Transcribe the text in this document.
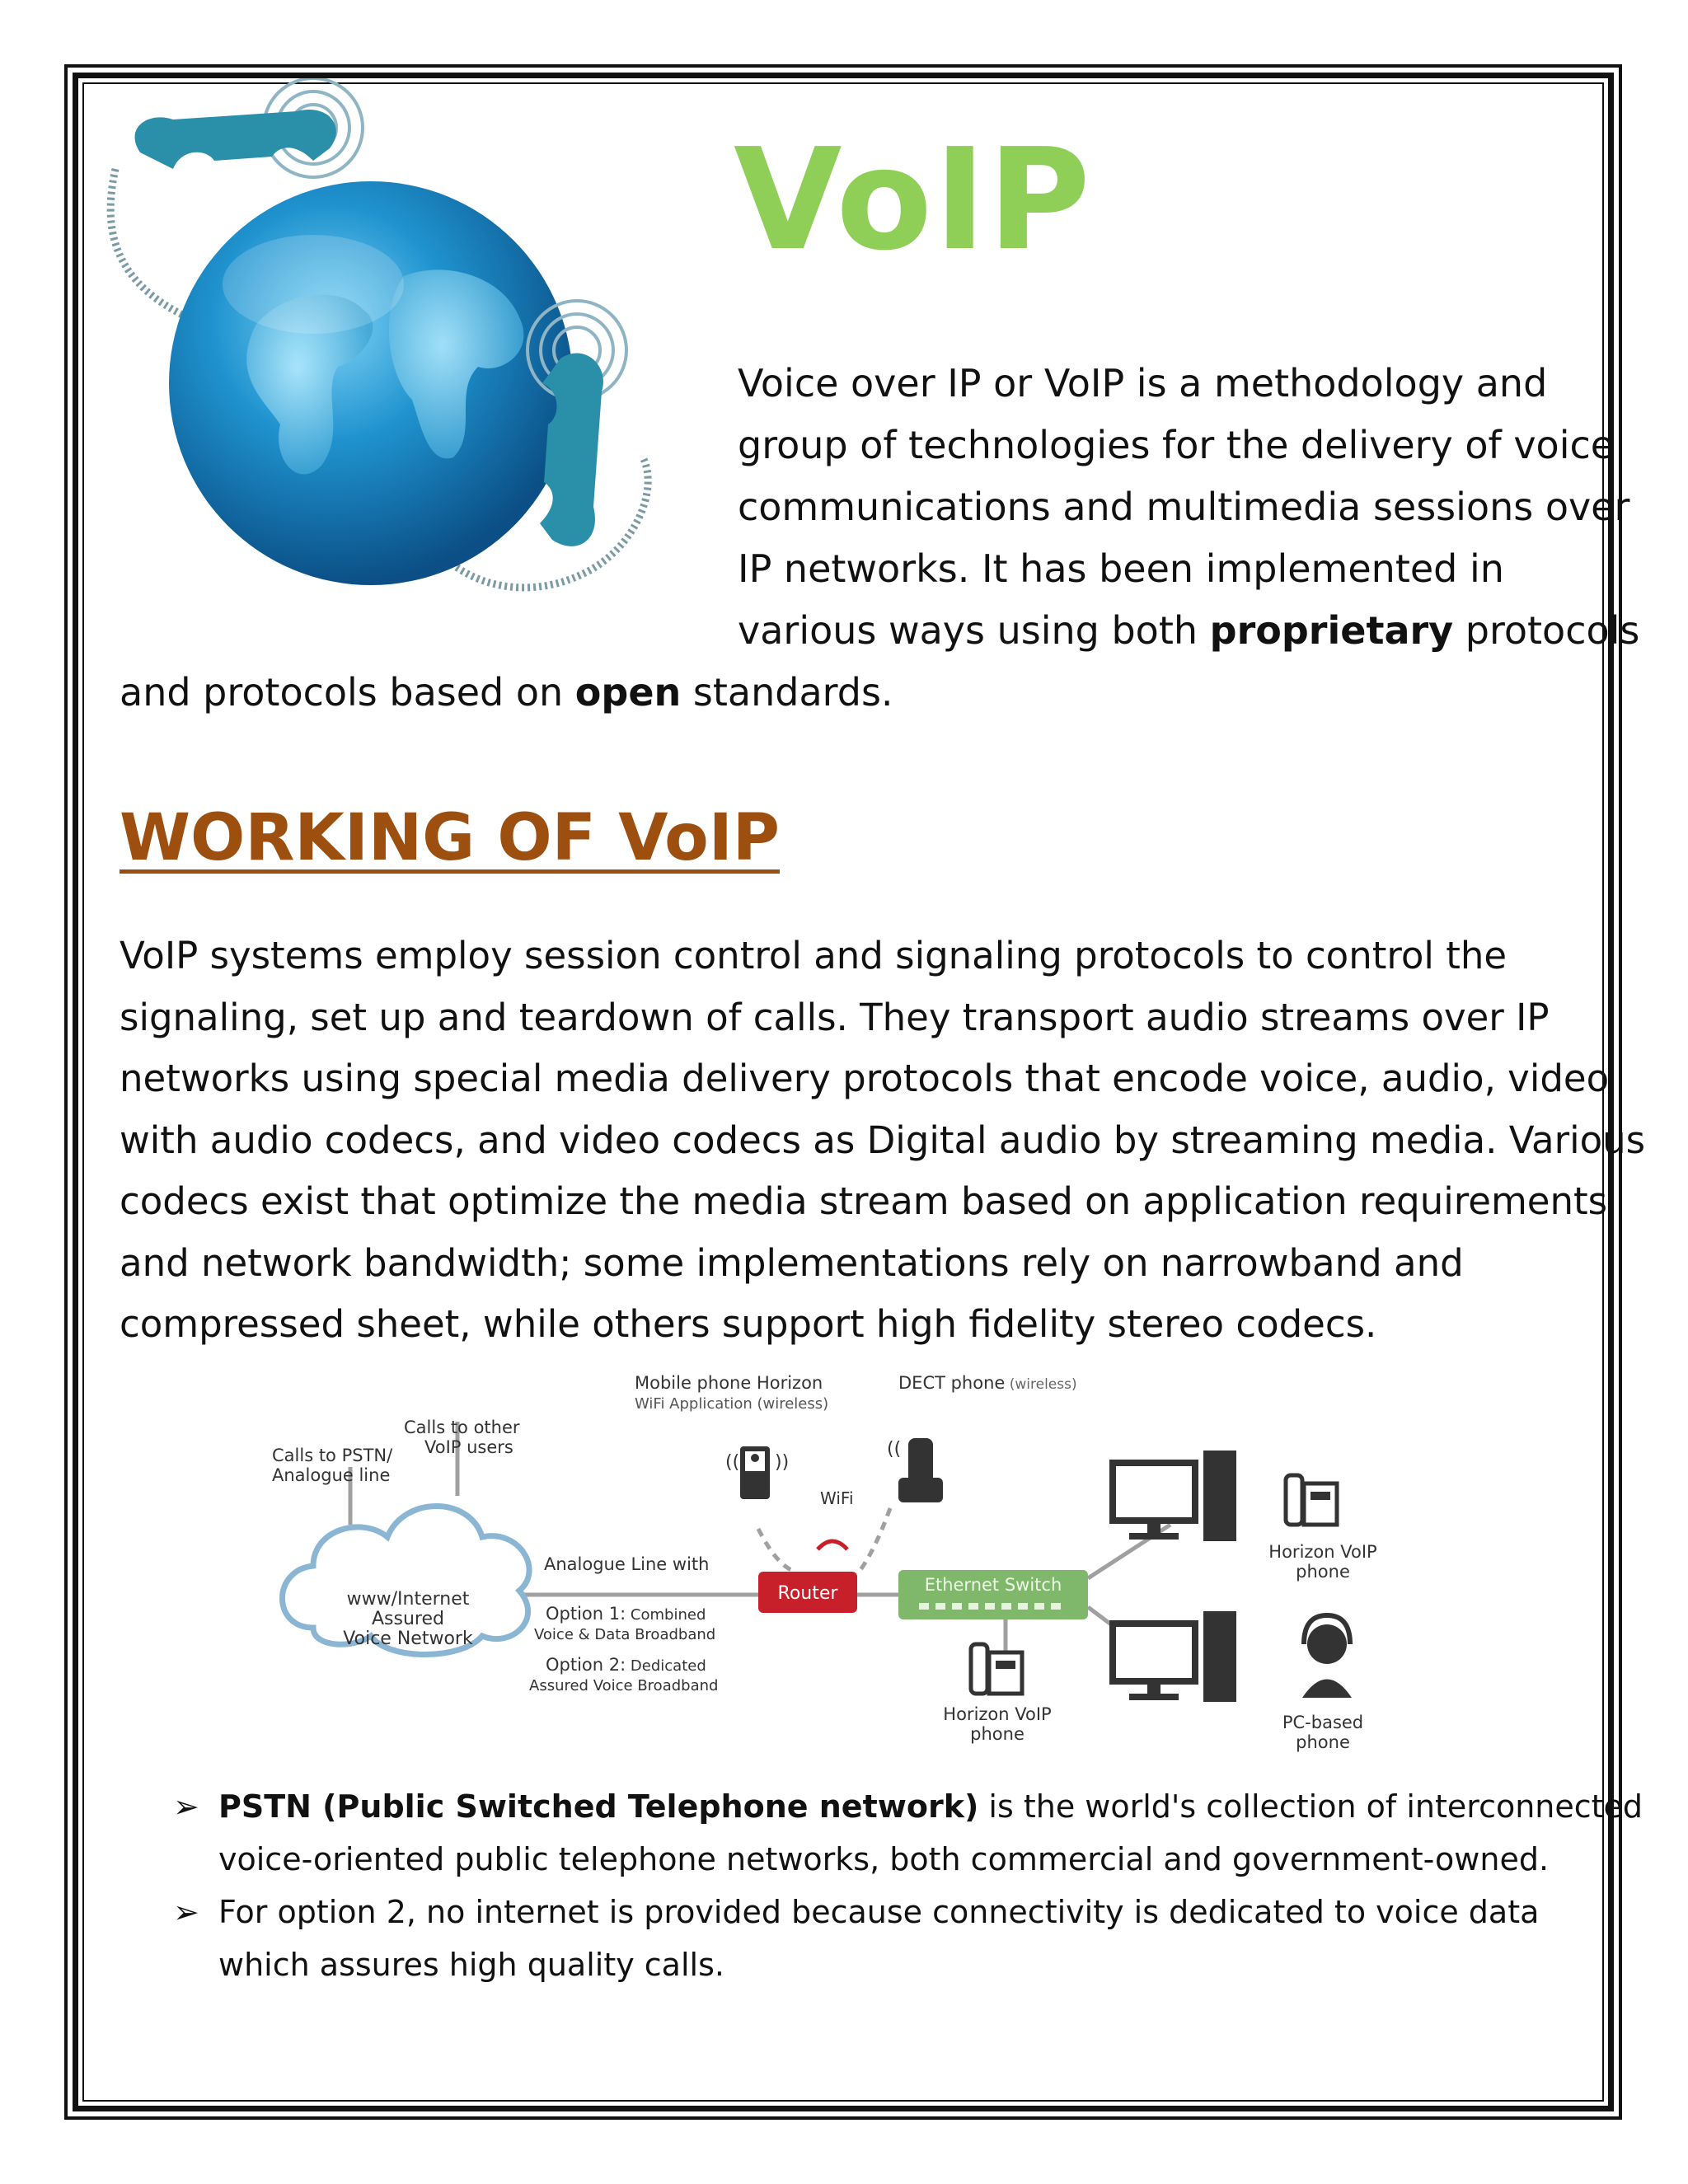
VoIP

Voice over IP or VoIP is a methodology and

group of technologies for the delivery of voice

communications and multimedia sessions over

IP networks. It has been implemented in

various ways using both proprietary protocols

and protocols based on open standards.
WORKING OF VoIP

VoIP systems employ session control and signaling protocols to control the

signaling, set up and teardown of calls. They transport audio streams over IP

networks using special media delivery protocols that encode voice, audio, video

with audio codecs, and video codecs as Digital audio by streaming media. Various

codecs exist that optimize the media stream based on application requirements

and network bandwidth; some implementations rely on narrowband and

compressed sheet, while others support high fidelity stereo codecs.

www/Internet
Assured
Voice Network
Calls to PSTN/
Analogue line
Calls to other
VoIP users
Analogue Line with
Option 1: Combined
Voice & Data Broadband
Option 2: Dedicated
Assured Voice Broadband
Mobile phone Horizon
WiFi Application (wireless)
DECT phone (wireless)
(( ))
((
WiFi
Router	Ethernet Switch
Horizon VoIP
phone
Horizon VoIP
phone
PC-based
phone
➢ PSTN (Public Switched Telephone network) is the world's collection of interconnected

voice-oriented public telephone networks, both commercial and government-owned.

➢ For option 2, no internet is provided because connectivity is dedicated to voice data

which assures high quality calls.
